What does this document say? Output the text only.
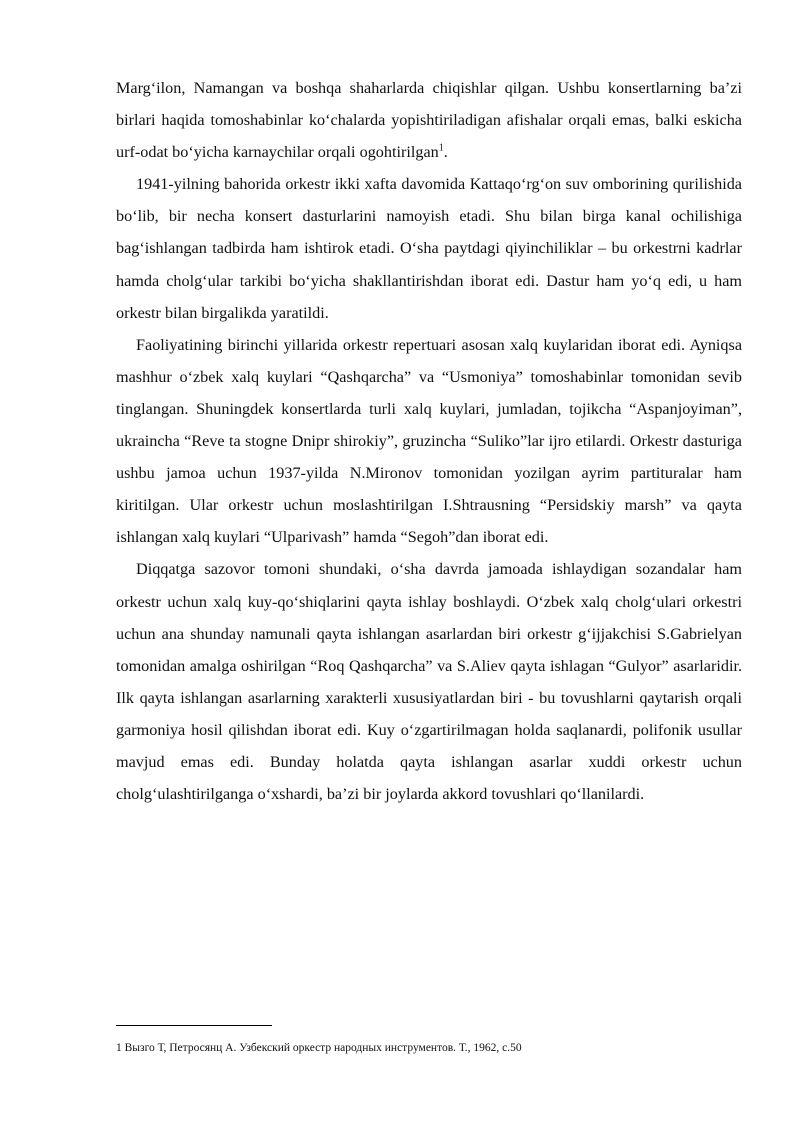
Marg‘ilon, Namangan va boshqa shaharlarda chiqishlar qilgan. Ushbu konsertlarning ba’zi birlari haqida tomoshabinlar ko‘chalarda yopishtiriladigan afishalar orqali emas, balki eskicha urf-odat bo‘yicha karnaychilar orqali ogohtirilgan$^1$.

1941-yilning bahorida orkestr ikki xafta davomida Kattaqo‘rg‘on suv omborining qurilishida bo‘lib, bir necha konsert dasturlarini namoyish etadi. Shu bilan birga kanal ochilishiga bag‘ishlangan tadbirda ham ishtirok etadi. O‘sha paytdagi qiyinchiliklar – bu orkestrni kadrlar hamda cholg‘ular tarkibi bo‘yicha shakllantirishdan iborat edi. Dastur ham yo‘q edi, u ham orkestr bilan birgalikda yaratildi.

Faoliyatining birinchi yillarida orkestr repertuari asosan xalq kuylaridan iborat edi. Ayniqsa mashhur o‘zbek xalq kuylari “Qashqarcha” va “Usmoniya” tomoshabinlar tomonidan sevib tinglangan. Shuningdek konsertlarda turli xalq kuylari, jumladan, tojikcha “Aspanjoyiman”, ukraincha “Reve ta stogne Dnipr shirokiy”, gruzincha “Suliko”lar ijro etilardi. Orkestr dasturiga ushbu jamoa uchun 1937-yilda N.Mironov tomonidan yozilgan ayrim partituralar ham kiritilgan. Ular orkestr uchun moslashtirilgan I.Shtrausning “Persidskiy marsh” va qayta ishlangan xalq kuylari “Ulparivash” hamda “Segoh”dan iborat edi.

Diqqatga sazovor tomoni shundaki, o‘sha davrda jamoada ishlaydigan sozandalar ham orkestr uchun xalq kuy-qo‘shiqlarini qayta ishlay boshlaydi. O‘zbek xalq cholg‘ulari orkestri uchun ana shunday namunali qayta ishlangan asarlardan biri orkestr g‘ijjakchisi S.Gabrielyan tomonidan amalga oshirilgan “Roq Qashqarcha” va S.Aliev qayta ishlagan “Gulyor” asarlaridir. Ilk qayta ishlangan asarlarning xarakterli xususiyatlardan biri - bu tovushlarni qaytarish orqali garmoniya hosil qilishdan iborat edi. Kuy o‘zgartirilmagan holda saqlanardi, polifonik usullar mavjud emas edi. Bunday holatda qayta ishlangan asarlar xuddi orkestr uchun cholg‘ulashtirilganga o‘xshardi, ba’zi bir joylarda akkord tovushlari qo‘llanilardi.

1 Вызго Т, Петросянц А. Узбекский оркестр народных инструментов. Т., 1962, с.50
